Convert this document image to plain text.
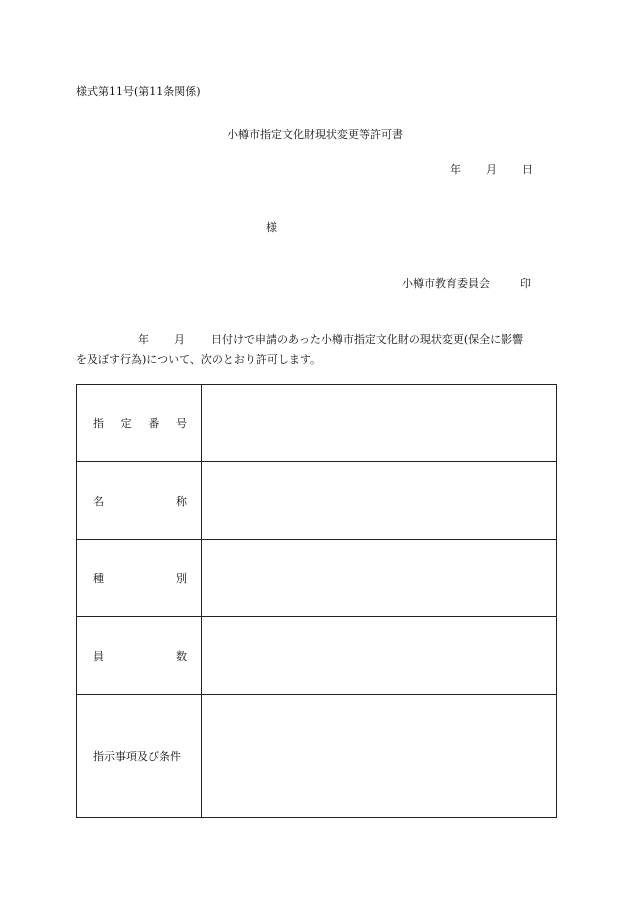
様式第11号(第11条関係)
小樽市指定文化財現状変更等許可書
年 月 日
様
小樽市教育委員会	印
年 月 日付けで申請のあった小樽市指定文化財の現状変更(保全に影響
を及ぼす行為)について、次のとおり許可します。
指 定 番 号	

名 称	

種 別	

員 数	

指示事項及び条件	
